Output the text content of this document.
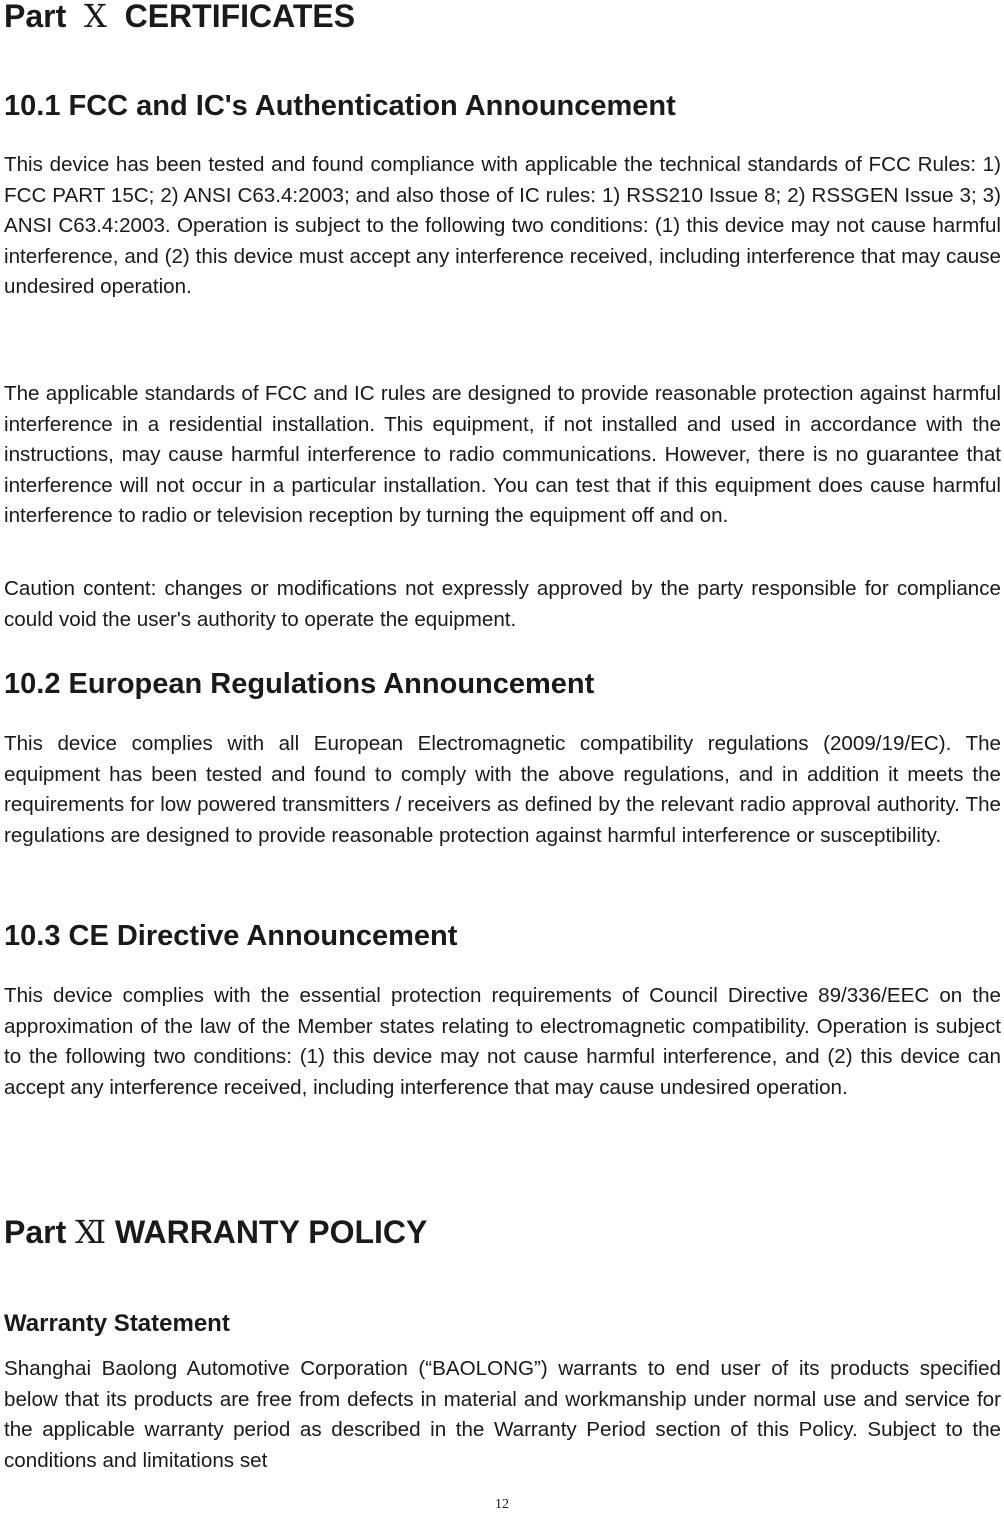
Part Ⅹ CERTIFICATES
10.1 FCC and IC's Authentication Announcement

This device has been tested and found compliance with applicable the technical standards of FCC Rules: 1) FCC PART 15C; 2) ANSI C63.4:2003; and also those of IC rules: 1) RSS210 Issue 8; 2) RSSGEN Issue 3; 3) ANSI C63.4:2003. Operation is subject to the following two conditions: (1) this device may not cause harmful interference, and (2) this device must accept any interference received, including interference that may cause undesired operation.

The applicable standards of FCC and IC rules are designed to provide reasonable protection against harmful interference in a residential installation. This equipment, if not installed and used in accordance with the instructions, may cause harmful interference to radio communications. However, there is no guarantee that interference will not occur in a particular installation. You can test that if this equipment does cause harmful interference to radio or television reception by turning the equipment off and on.

Caution content: changes or modifications not expressly approved by the party responsible for compliance could void the user's authority to operate the equipment.

10.2 European Regulations Announcement

This device complies with all European Electromagnetic compatibility regulations (2009/19/EC). The equipment has been tested and found to comply with the above regulations, and in addition it meets the requirements for low powered transmitters / receivers as defined by the relevant radio approval authority. The regulations are designed to provide reasonable protection against harmful interference or susceptibility.

10.3 CE Directive Announcement

This device complies with the essential protection requirements of Council Directive 89/336/EEC on the approximation of the law of the Member states relating to electromagnetic compatibility. Operation is subject to the following two conditions: (1) this device may not cause harmful interference, and (2) this device can accept any interference received, including interference that may cause undesired operation.

Part Ⅺ WARRANTY POLICY
Warranty Statement

Shanghai Baolong Automotive Corporation (“BAOLONG”) warrants to end user of its products specified below that its products are free from defects in material and workmanship under normal use and service for the applicable warranty period as described in the Warranty Period section of this Policy. Subject to the conditions and limitations set

12
